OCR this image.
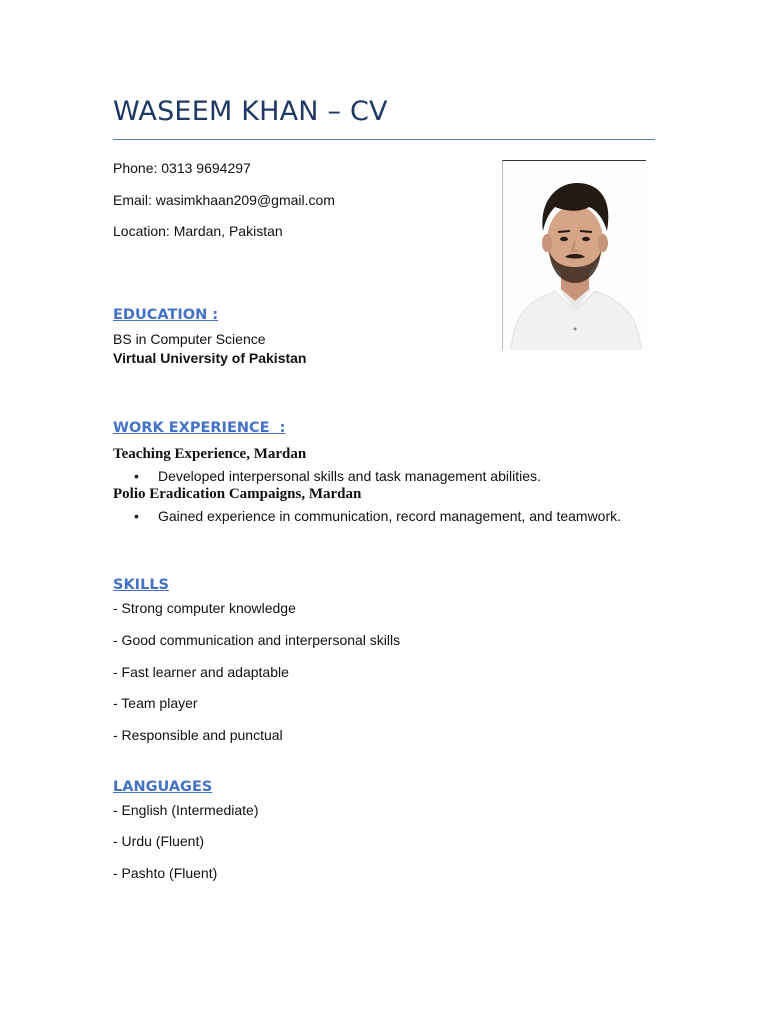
WASEEM KHAN – CV
Phone: 0313 9694297
Email: wasimkhaan209@gmail.com
Location: Mardan, Pakistan
EDUCATION :
BS in Computer Science
Virtual University of Pakistan
WORK EXPERIENCE  :
Teaching Experience, Mardan
• Developed interpersonal skills and task management abilities.
Polio Eradication Campaigns, Mardan
• Gained experience in communication, record management, and teamwork.
SKILLS
- Strong computer knowledge
- Good communication and interpersonal skills
- Fast learner and adaptable
- Team player
- Responsible and punctual
LANGUAGES
- English (Intermediate)
- Urdu (Fluent)
- Pashto (Fluent)
